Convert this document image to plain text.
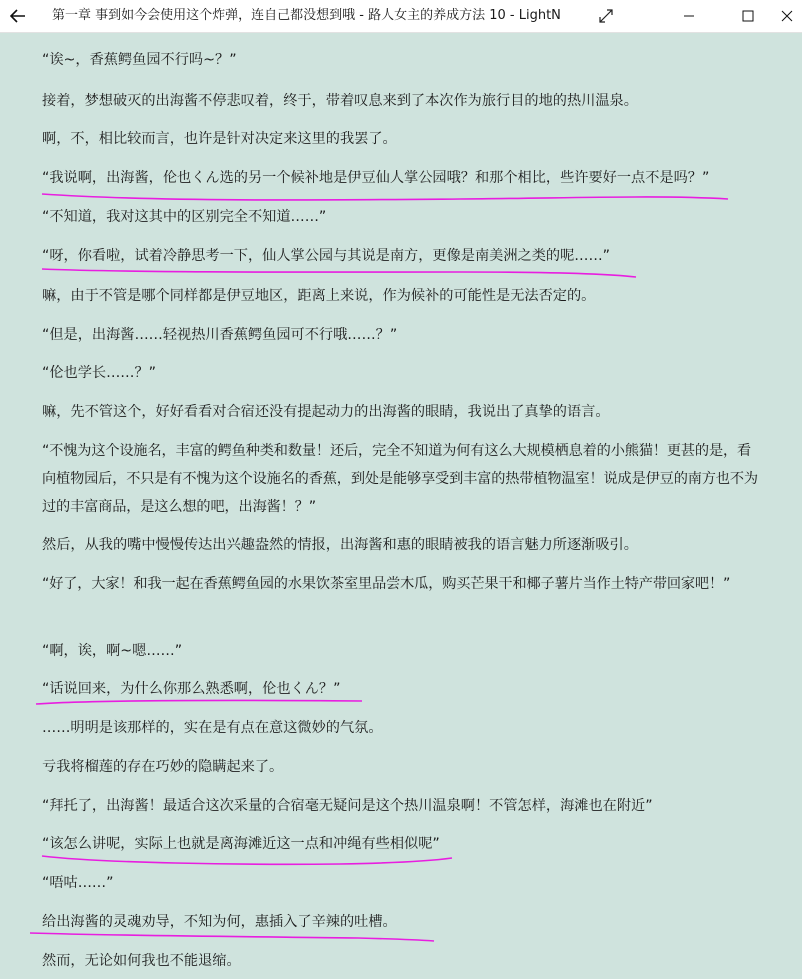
第一章 事到如今会使用这个炸弹，连自己都没想到哦 - 路人女主的养成方法 10 - LightN
“诶~，香蕉鳄鱼园不行吗~？”
接着，梦想破灭的出海酱不停悲叹着，终于，带着叹息来到了本次作为旅行目的地的热川温泉。
啊，不，相比较而言，也许是针对决定来这里的我罢了。
“我说啊，出海酱，伦也くん选的另一个候补地是伊豆仙人掌公园哦？和那个相比，些许要好一点不是吗？”
“不知道，我对这其中的区别完全不知道……”
“呀，你看啦，试着冷静思考一下，仙人掌公园与其说是南方，更像是南美洲之类的呢……”
嘛，由于不管是哪个同样都是伊豆地区，距离上来说，作为候补的可能性是无法否定的。
“但是，出海酱……轻视热川香蕉鳄鱼园可不行哦……？”
“伦也学长……？”
嘛，先不管这个，好好看看对合宿还没有提起动力的出海酱的眼睛，我说出了真挚的语言。
“不愧为这个设施名，丰富的鳄鱼种类和数量！还后，完全不知道为何有这么大规模栖息着的小熊猫！更甚的是，看向植物园后，不只是有不愧为这个设施名的香蕉，到处是能够享受到丰富的热带植物温室！说成是伊豆的南方也不为过的丰富商品，是这么想的吧，出海酱！？”
然后，从我的嘴中慢慢传达出兴趣盎然的情报，出海酱和惠的眼睛被我的语言魅力所逐渐吸引。
“好了，大家！和我一起在香蕉鳄鱼园的水果饮茶室里品尝木瓜，购买芒果干和椰子薯片当作土特产带回家吧！”
“啊，诶，啊~嗯……”
“话说回来，为什么你那么熟悉啊，伦也くん？”
……明明是该那样的，实在是有点在意这微妙的气氛。
亏我将榴莲的存在巧妙的隐瞒起来了。
“拜托了，出海酱！最适合这次采量的合宿毫无疑问是这个热川温泉啊！不管怎样，海滩也在附近”
“该怎么讲呢，实际上也就是离海滩近这一点和冲绳有些相似呢”
“唔咕……”
给出海酱的灵魂劝导，不知为何，惠插入了辛辣的吐槽。
然而，无论如何我也不能退缩。
